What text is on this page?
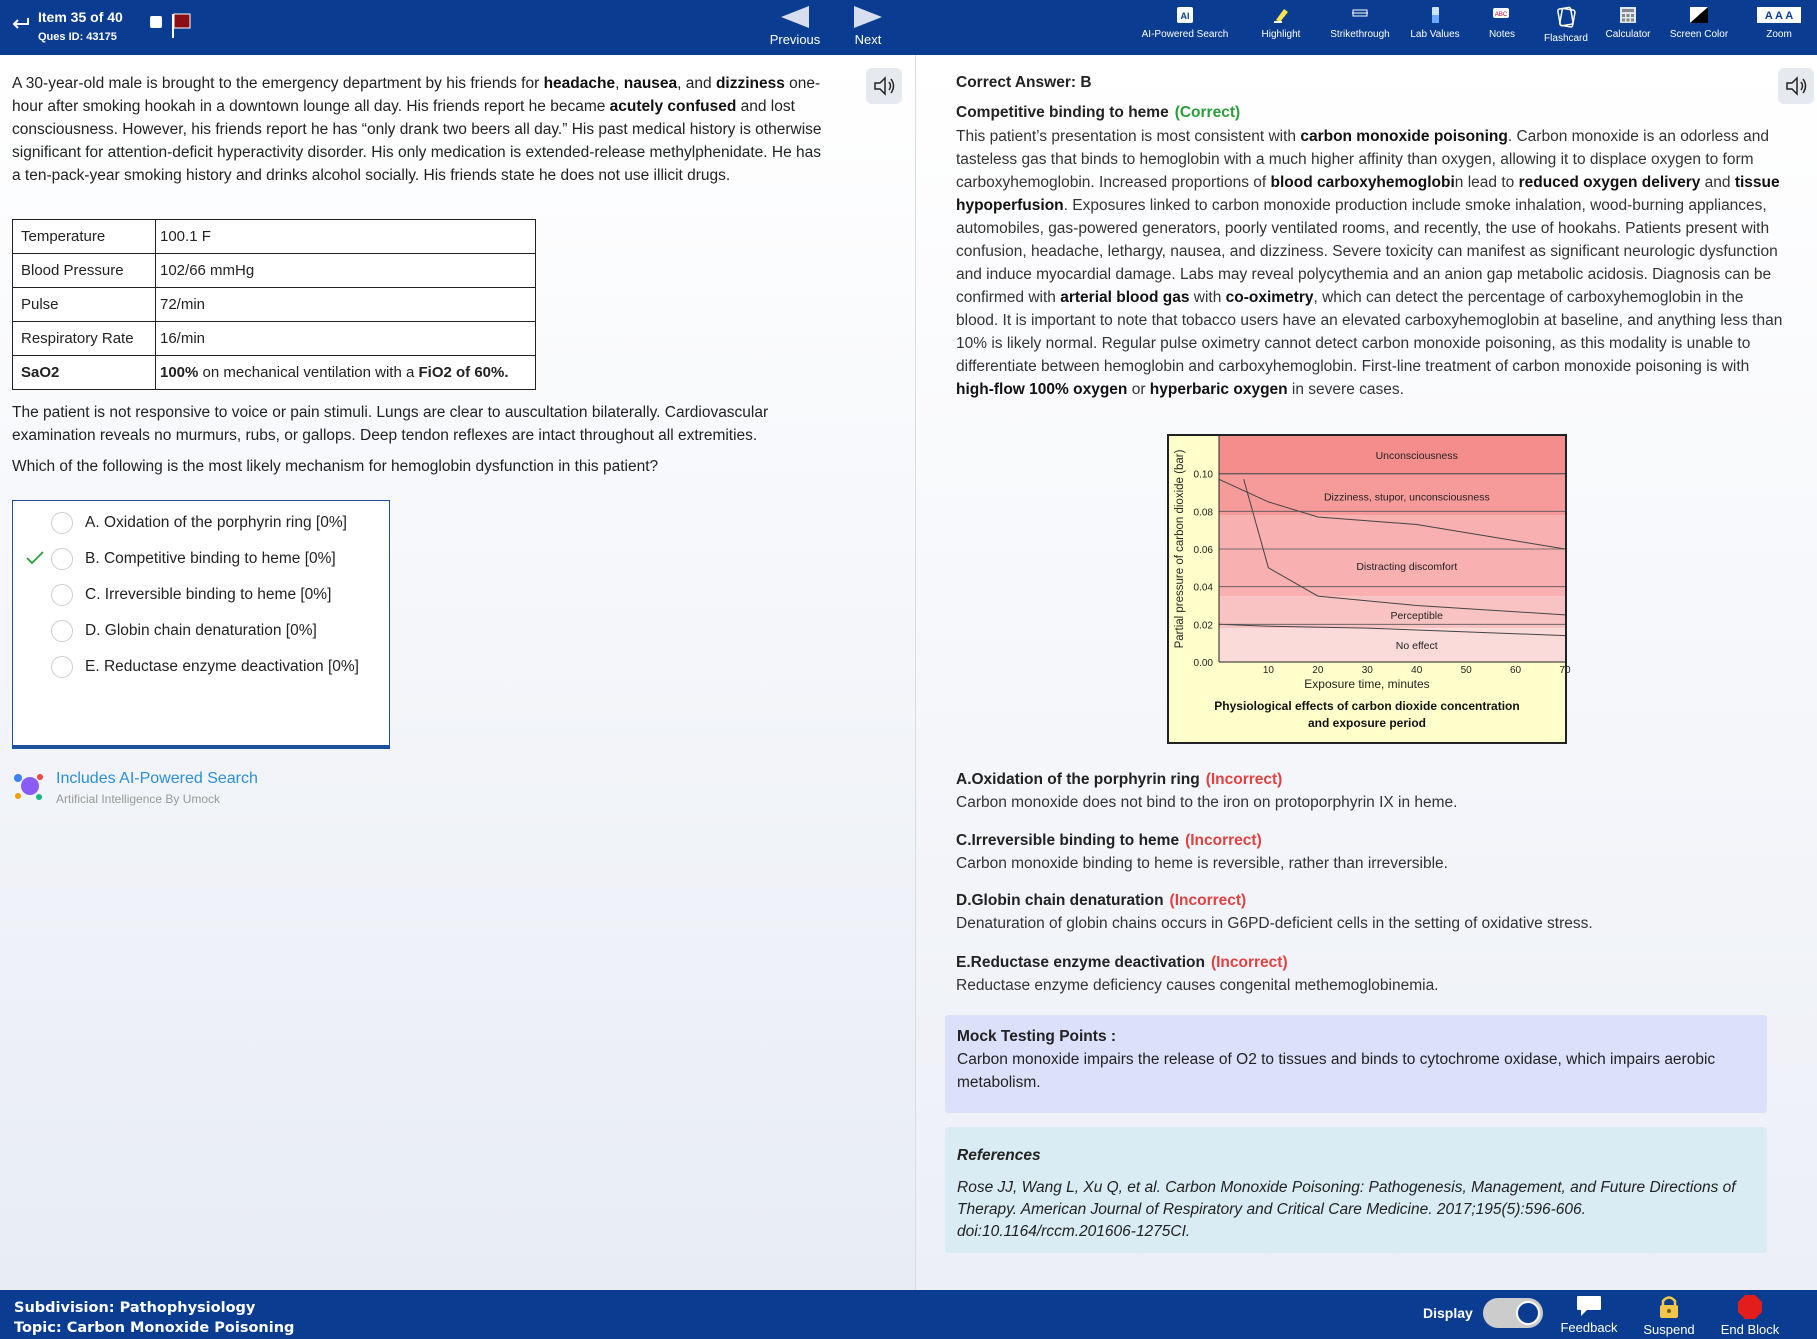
Item 35 of 40
Ques ID: 43175	Previous	Next
AI
AI-Powered Search	Highlight	Strikethrough	Lab Values
ABC
Notes	Flashcard	Calculator	Screen Color
A A A
Zoom
A 30-year-old male is brought to the emergency department by his friends for headache, nausea, and dizziness one-hour after smoking hookah in a downtown lounge all day. His friends report he became acutely confused and lost consciousness. However, his friends report he has “only drank two beers all day.” His past medical history is otherwise significant for attention-deficit hyperactivity disorder. His only medication is extended-release methylphenidate. He has a ten-pack-year smoking history and drinks alcohol socially. His friends state he does not use illicit drugs.
Temperature	100.1 F
Blood Pressure	102/66 mmHg
Pulse	72/min
Respiratory Rate	16/min
SaO2	100% on mechanical ventilation with a FiO2 of 60%.
The patient is not responsive to voice or pain stimuli. Lungs are clear to auscultation bilaterally. Cardiovascular examination reveals no murmurs, rubs, or gallops. Deep tendon reflexes are intact throughout all extremities.
Which of the following is the most likely mechanism for hemoglobin dysfunction in this patient?
A. Oxidation of the porphyrin ring [0%]
B. Competitive binding to heme [0%]
C. Irreversible binding to heme [0%]
D. Globin chain denaturation [0%]
E. Reductase enzyme deactivation [0%]
Includes AI-Powered Search
Artificial Intelligence By Umock
Correct Answer: B
Competitive binding to heme (Correct)
This patient’s presentation is most consistent with carbon monoxide poisoning. Carbon monoxide is an odorless and tasteless gas that binds to hemoglobin with a much higher affinity than oxygen, allowing it to displace oxygen to form carboxyhemoglobin. Increased proportions of blood carboxyhemoglobin lead to reduced oxygen delivery and tissue hypoperfusion. Exposures linked to carbon monoxide production include smoke inhalation, wood-burning appliances, automobiles, gas-powered generators, poorly ventilated rooms, and recently, the use of hookahs. Patients present with confusion, headache, lethargy, nausea, and dizziness. Severe toxicity can manifest as significant neurologic dysfunction and induce myocardial damage. Labs may reveal polycythemia and an anion gap metabolic acidosis. Diagnosis can be confirmed with arterial blood gas with co-oximetry, which can detect the percentage of carboxyhemoglobin in the blood. It is important to note that tobacco users have an elevated carboxyhemoglobin at baseline, and anything less than 10% is likely normal. Regular pulse oximetry cannot detect carbon monoxide poisoning, as this modality is unable to differentiate between hemoglobin and carboxyhemoglobin. First-line treatment of carbon monoxide poisoning is with high-flow 100% oxygen or hyperbaric oxygen in severe cases.
0.10
0.08
0.06
0.04
0.02
0.00
10	20	30	40	50	60	70
Unconsciousness
Dizziness, stupor, unconsciousness
Distracting discomfort
Perceptible
No effect
Partial pressure of carbon dioxide (bar)
Exposure time, minutes
Physiological effects of carbon dioxide concentration
and exposure period
A.Oxidation of the porphyrin ring (Incorrect)
Carbon monoxide does not bind to the iron on protoporphyrin IX in heme.
C.Irreversible binding to heme (Incorrect)
Carbon monoxide binding to heme is reversible, rather than irreversible.
D.Globin chain denaturation (Incorrect)
Denaturation of globin chains occurs in G6PD-deficient cells in the setting of oxidative stress.
E.Reductase enzyme deactivation (Incorrect)
Reductase enzyme deficiency causes congenital methemoglobinemia.
Mock Testing Points :
Carbon monoxide impairs the release of O2 to tissues and binds to cytochrome oxidase, which impairs aerobic metabolism.
References
Rose JJ, Wang L, Xu Q, et al. Carbon Monoxide Poisoning: Pathogenesis, Management, and Future Directions of Therapy. American Journal of Respiratory and Critical Care Medicine. 2017;195(5):596-606. doi:10.1164/rccm.201606-1275CI.
Subdivision: Pathophysiology
Topic: Carbon Monoxide Poisoning
Display
Feedback	Suspend	End Block
